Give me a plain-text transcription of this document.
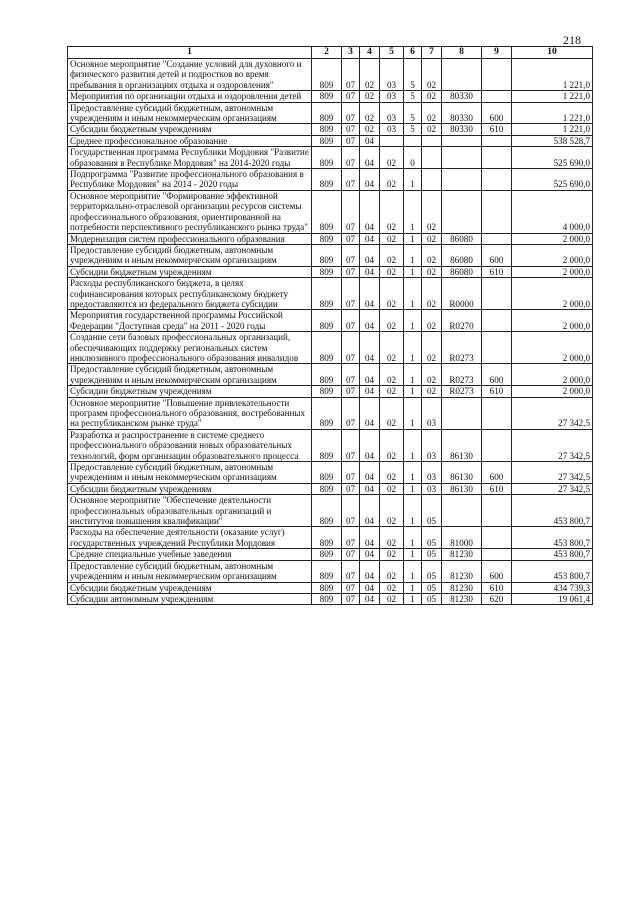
218
1	2	3	4	5	6	7	8	9	10
Основное мероприятие "Создание условий для духовного и физического развития детей и подростков во время пребывания в организациях отдыха и оздоровления"	809	07	02	03	5	02			1 221,0
Мероприятия по организации отдыха и оздоровления детей	809	07	02	03	5	02	80330		1 221,0
Предоставление субсидий бюджетным, автономным учреждениям и иным некоммерческим организациям	809	07	02	03	5	02	80330	600	1 221,0
Субсидии бюджетным учреждениям	809	07	02	03	5	02	80330	610	1 221,0
Среднее профессиональное образование	809	07	04						538 528,7
Государственная программа Республики Мордовия "Развитие образования в Республике Мордовия" на 2014-2020 годы	809	07	04	02	0				525 690,0
Подпрограмма "Развитие профессионального образования в Республике Мордовия" на 2014 - 2020 годы	809	07	04	02	1				525 690,0
Основное мероприятие "Формирование эффективной территориально-отраслевой организации ресурсов системы профессионального образования, ориентированной на потребности перспективного республиканского рынка труда"	809	07	04	02	1	02			4 000,0
Модернизация систем профессионального образования	809	07	04	02	1	02	86080		2 000,0
Предоставление субсидий бюджетным, автономным учреждениям и иным некоммерческим организациям	809	07	04	02	1	02	86080	600	2 000,0
Субсидии бюджетным учреждениям	809	07	04	02	1	02	86080	610	2 000,0
Расходы республиканского бюджета, в целях софинансирования которых республиканскому бюджету предоставляются из федерального бюджета субсидии	809	07	04	02	1	02	R0000		2 000,0
Мероприятия государственной программы Российской Федерации "Доступная среда" на 2011 - 2020 годы	809	07	04	02	1	02	R0270		2 000,0
Создание сети базовых профессиональных организаций, обеспечивающих поддержку региональных систем инклюзивного профессионального образования инвалидов	809	07	04	02	1	02	R0273		2 000,0
Предоставление субсидий бюджетным, автономным учреждениям и иным некоммерческим организациям	809	07	04	02	1	02	R0273	600	2 000,0
Субсидии бюджетным учреждениям	809	07	04	02	1	02	R0273	610	2 000,0
Основное мероприятие "Повышение привлекательности программ профессионального образования, востребованных на республиканском рынке труда"	809	07	04	02	1	03			27 342,5
Разработка и распространение в системе среднего профессионального образования новых образовательных технологий, форм организации образовательного процесса	809	07	04	02	1	03	86130		27 342,5
Предоставление субсидий бюджетным, автономным учреждениям и иным некоммерческим организациям	809	07	04	02	1	03	86130	600	27 342,5
Субсидии бюджетным учреждениям	809	07	04	02	1	03	86130	610	27 342,5
Основное мероприятие "Обеспечение деятельности профессиональных образовательных организаций и институтов повышения квалификации"	809	07	04	02	1	05			453 800,7
Расходы на обеспечение деятельности (оказание услуг) государственных учреждений Республики Мордовия	809	07	04	02	1	05	81000		453 800,7
Средние специальные учебные заведения	809	07	04	02	1	05	81230		453 800,7
Предоставление субсидий бюджетным, автономным учреждениям и иным некоммерческим организациям	809	07	04	02	1	05	81230	600	453 800,7
Субсидии бюджетным учреждениям	809	07	04	02	1	05	81230	610	434 739,3
Субсидии автономным учреждениям	809	07	04	02	1	05	81230	620	19 061,4
